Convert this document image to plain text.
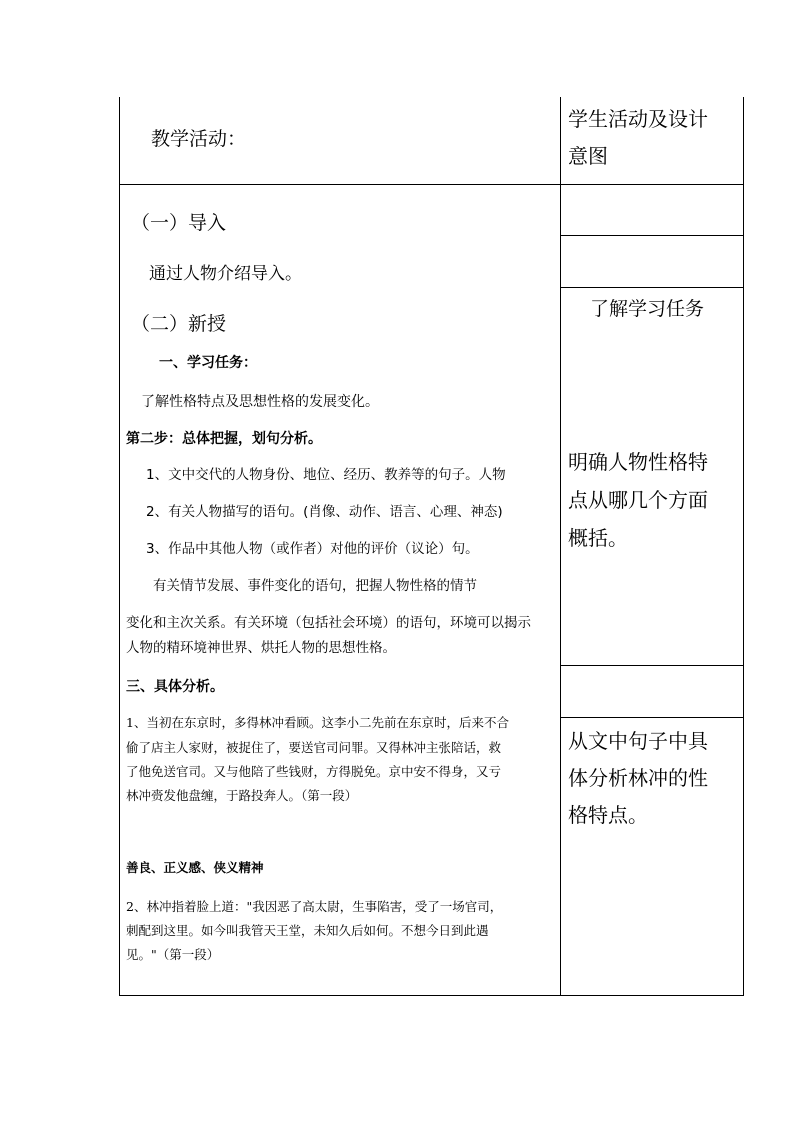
教学活动：
（一）导入
通过人物介绍导入。
（二）新授
一、学习任务：
了解性格特点及思想性格的发展变化。
第二步：总体把握，划句分析。
1、文中交代的人物身份、地位、经历、教养等的句子。人物
2、有关人物描写的语句。(肖像、动作、语言、心理、神态)
3、作品中其他人物（或作者）对他的评价（议论）句。
有关情节发展、事件变化的语句，把握人物性格的情节
变化和主次关系。有关环境（包括社会环境）的语句，环境可以揭示
人物的精环境神世界、烘托人物的思想性格。
三、具体分析。
1、当初在东京时，多得林冲看顾。这李小二先前在东京时，后来不合
偷了店主人家财，被捉住了，要送官司问罪。又得林冲主张陪话，救
了他免送官司。又与他陪了些钱财，方得脱免。京中安不得身，又亏
林冲赍发他盘缠，于路投奔人。（第一段）
善良、正义感、侠义精神
2、林冲指着脸上道："我因恶了高太尉，生事陷害，受了一场官司，
刺配到这里。如今叫我管天王堂，未知久后如何。不想今日到此遇
见。"（第一段）
学生活动及设计
意图
了解学习任务
明确人物性格特
点从哪几个方面
概括。
从文中句子中具
体分析林冲的性
格特点。
